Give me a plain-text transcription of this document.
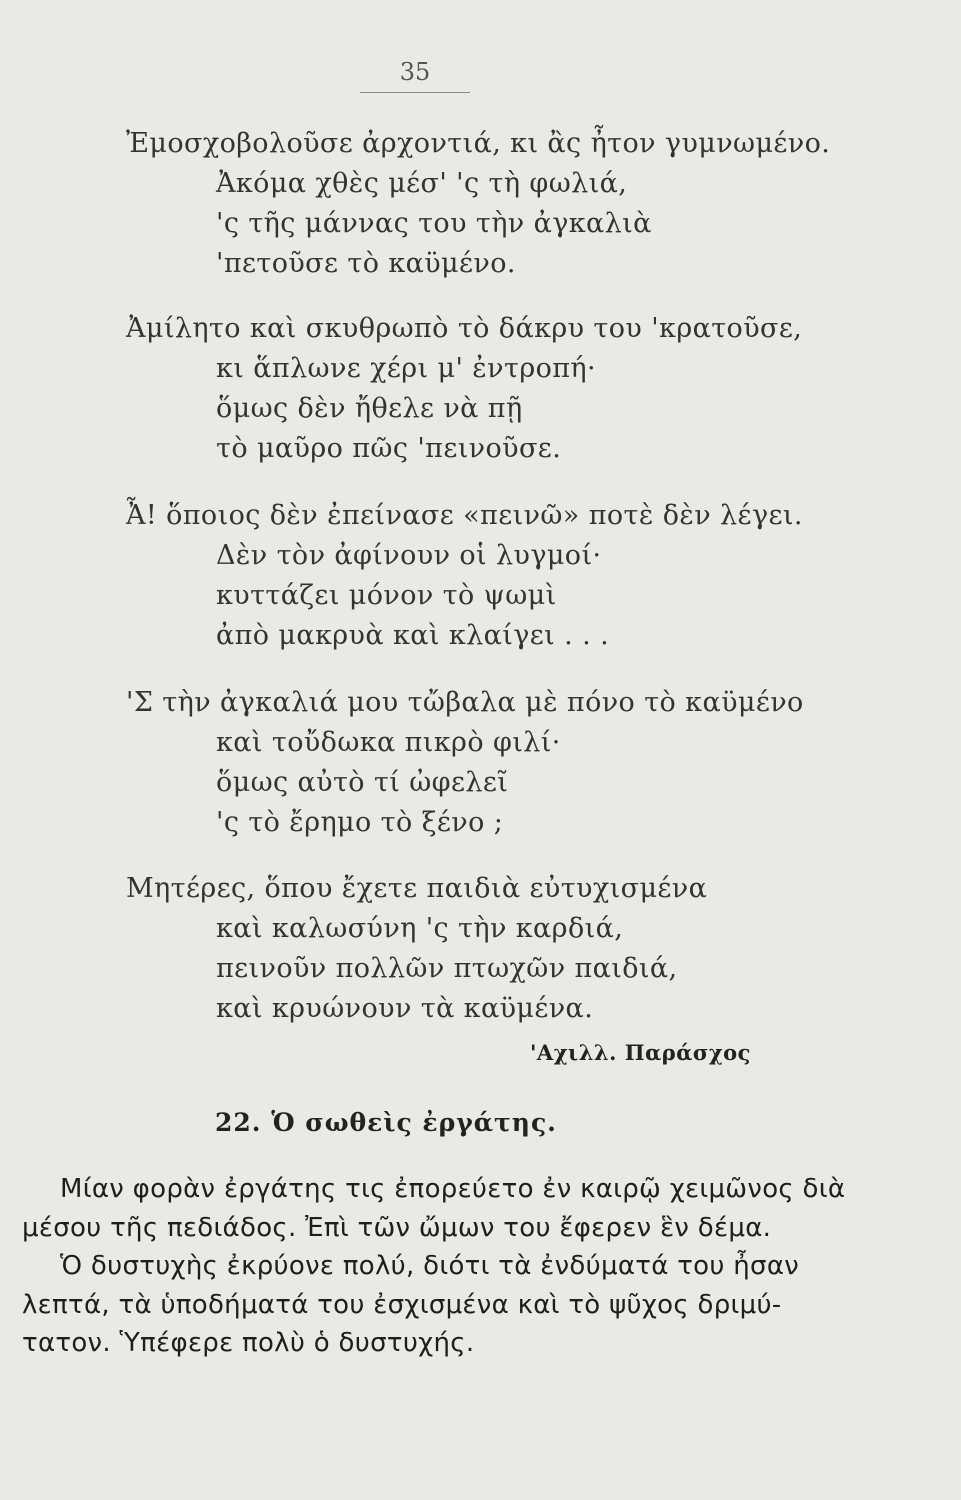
35
Ἐμοσχοβολοῦσε ἀρχοντιά, κι ἂς ἦτον γυμνωμένο.
Ἀκόμα χθὲς μέσ' 'ς τὴ φωλιά,
'ς τῆς μάννας του τὴν ἀγκαλιὰ
'πετοῦσε τὸ καϋμένο.
Ἀμίλητο καὶ σκυθρωπὸ τὸ δάκρυ του 'κρατοῦσε,
κι ἅπλωνε χέρι μ' ἐντροπή·
ὅμως δὲν ἤθελε νὰ πῇ
τὸ μαῦρο πῶς 'πεινοῦσε.
Ἆ! ὅποιος δὲν ἐπείνασε «πεινῶ» ποτὲ δὲν λέγει.
Δὲν τὸν ἀφίνουν οἱ λυγμοί·
κυττάζει μόνον τὸ ψωμὶ
ἀπὸ μακρυὰ καὶ κλαίγει . . .
'Σ τὴν ἀγκαλιά μου τὤβαλα μὲ πόνο τὸ καϋμένο
καὶ τοὔδωκα πικρὸ φιλί·
ὅμως αὐτὸ τί ὠφελεῖ
'ς τὸ ἔρημο τὸ ξένο ;
Μητέρες, ὅπου ἔχετε παιδιὰ εὐτυχισμένα
καὶ καλωσύνη 'ς τὴν καρδιά,
πεινοῦν πολλῶν πτωχῶν παιδιά,
καὶ κρυώνουν τὰ καϋμένα.
'Αχιλλ. Παράσχος
22. Ὁ σωθεὶς ἐργάτης.
Μίαν φορὰν ἐργάτης τις ἐπορεύετο ἐν καιρῷ χειμῶνος διὰ
μέσου τῆς πεδιάδος. Ἐπὶ τῶν ὤμων του ἔφερεν ἓν δέμα.
Ὁ δυστυχὴς ἐκρύονε πολύ, διότι τὰ ἐνδύματά του ἦσαν
λεπτά, τὰ ὑποδήματά του ἐσχισμένα καὶ τὸ ψῦχος δριμύ-
τατον. Ὑπέφερε πολὺ ὁ δυστυχής.
